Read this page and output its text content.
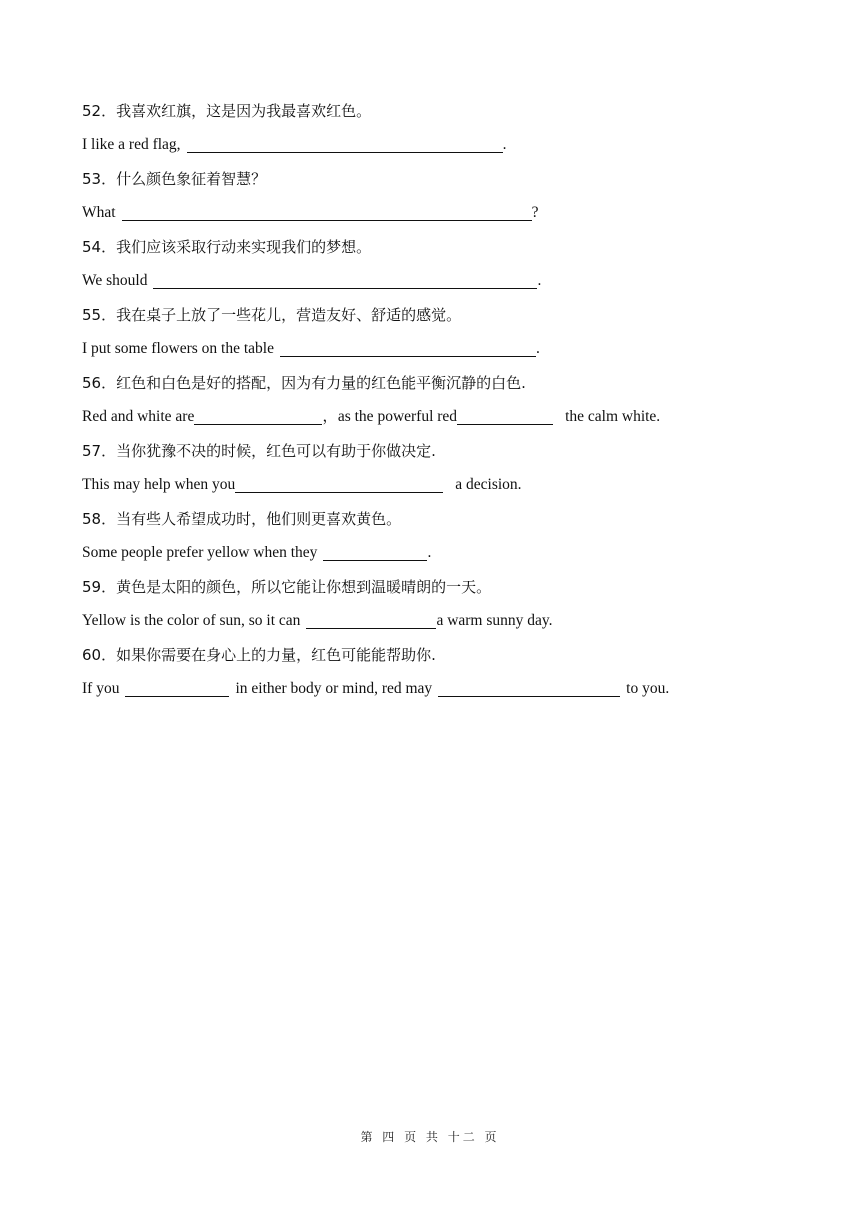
52．我喜欢红旗，这是因为我最喜欢红色。
I like a red flag,	.
53．什么颜色象征着智慧？
What	?
54．我们应该采取行动来实现我们的梦想。
We should	.
55．我在桌子上放了一些花儿，营造友好、舒适的感觉。
I put some flowers on the table	.
56．红色和白色是好的搭配，因为有力量的红色能平衡沉静的白色.
Red and white are	，as the powerful red	the calm white.
57．当你犹豫不决的时候，红色可以有助于你做决定.
This may help when you	a decision.
58．当有些人希望成功时，他们则更喜欢黄色。
Some people prefer yellow when they	.
59．黄色是太阳的颜色，所以它能让你想到温暖晴朗的一天。
Yellow is the color of sun, so it can	a warm sunny day.
60．如果你需要在身心上的力量，红色可能能帮助你.
If you	in either body or mind, red may	to you.
第 四 页 共 十二 页
